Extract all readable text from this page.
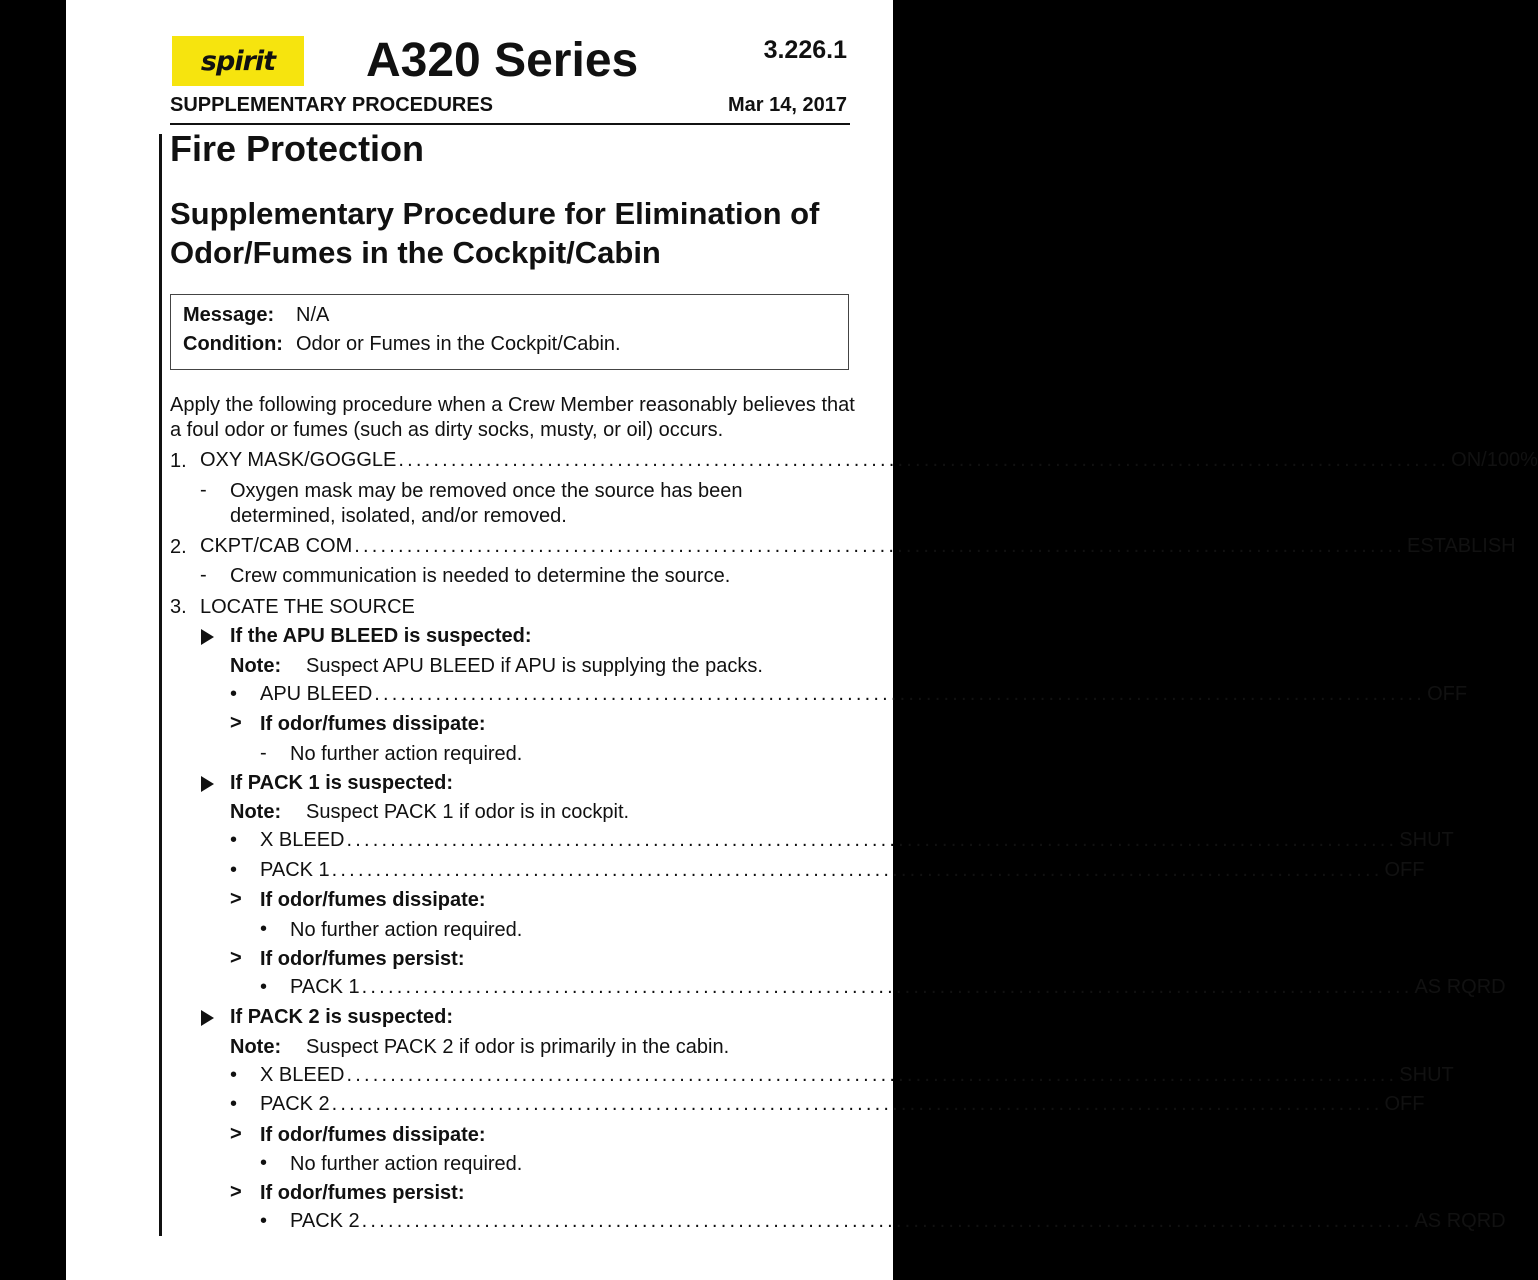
spirit A320 Series	3.226.1
SUPPLEMENTARY PROCEDURES	Mar 14, 2017
Fire Protection
Supplementary Procedure for Elimination of Odor/Fumes in the Cockpit/Cabin
Message: N/A
Condition: Odor or Fumes in the Cockpit/Cabin.
Apply the following procedure when a Crew Member reasonably believes that a foul odor or fumes (such as dirty socks, musty, or oil) occurs.
1. OXY MASK/GOGGLE ........................................................................................................................ ON/100%
- Oxygen mask may be removed once the source has been determined, isolated, and/or removed.
2. CKPT/CAB COM ........................................................................................................................ ESTABLISH
- Crew communication is needed to determine the source.
3. LOCATE THE SOURCE
If the APU BLEED is suspected:
Note: Suspect APU BLEED if APU is supplying the packs.
• APU BLEED ........................................................................................................................ OFF
> If odor/fumes dissipate:
- No further action required.
If PACK 1 is suspected:
Note: Suspect PACK 1 if odor is in cockpit.
• X BLEED ........................................................................................................................ SHUT
• PACK 1 ........................................................................................................................ OFF
> If odor/fumes dissipate:
• No further action required.
> If odor/fumes persist:
• PACK 1 ........................................................................................................................ AS RQRD
If PACK 2 is suspected:
Note: Suspect PACK 2 if odor is primarily in the cabin.
• X BLEED ........................................................................................................................ SHUT
• PACK 2 ........................................................................................................................ OFF
> If odor/fumes dissipate:
• No further action required.
> If odor/fumes persist:
• PACK 2 ........................................................................................................................ AS RQRD
